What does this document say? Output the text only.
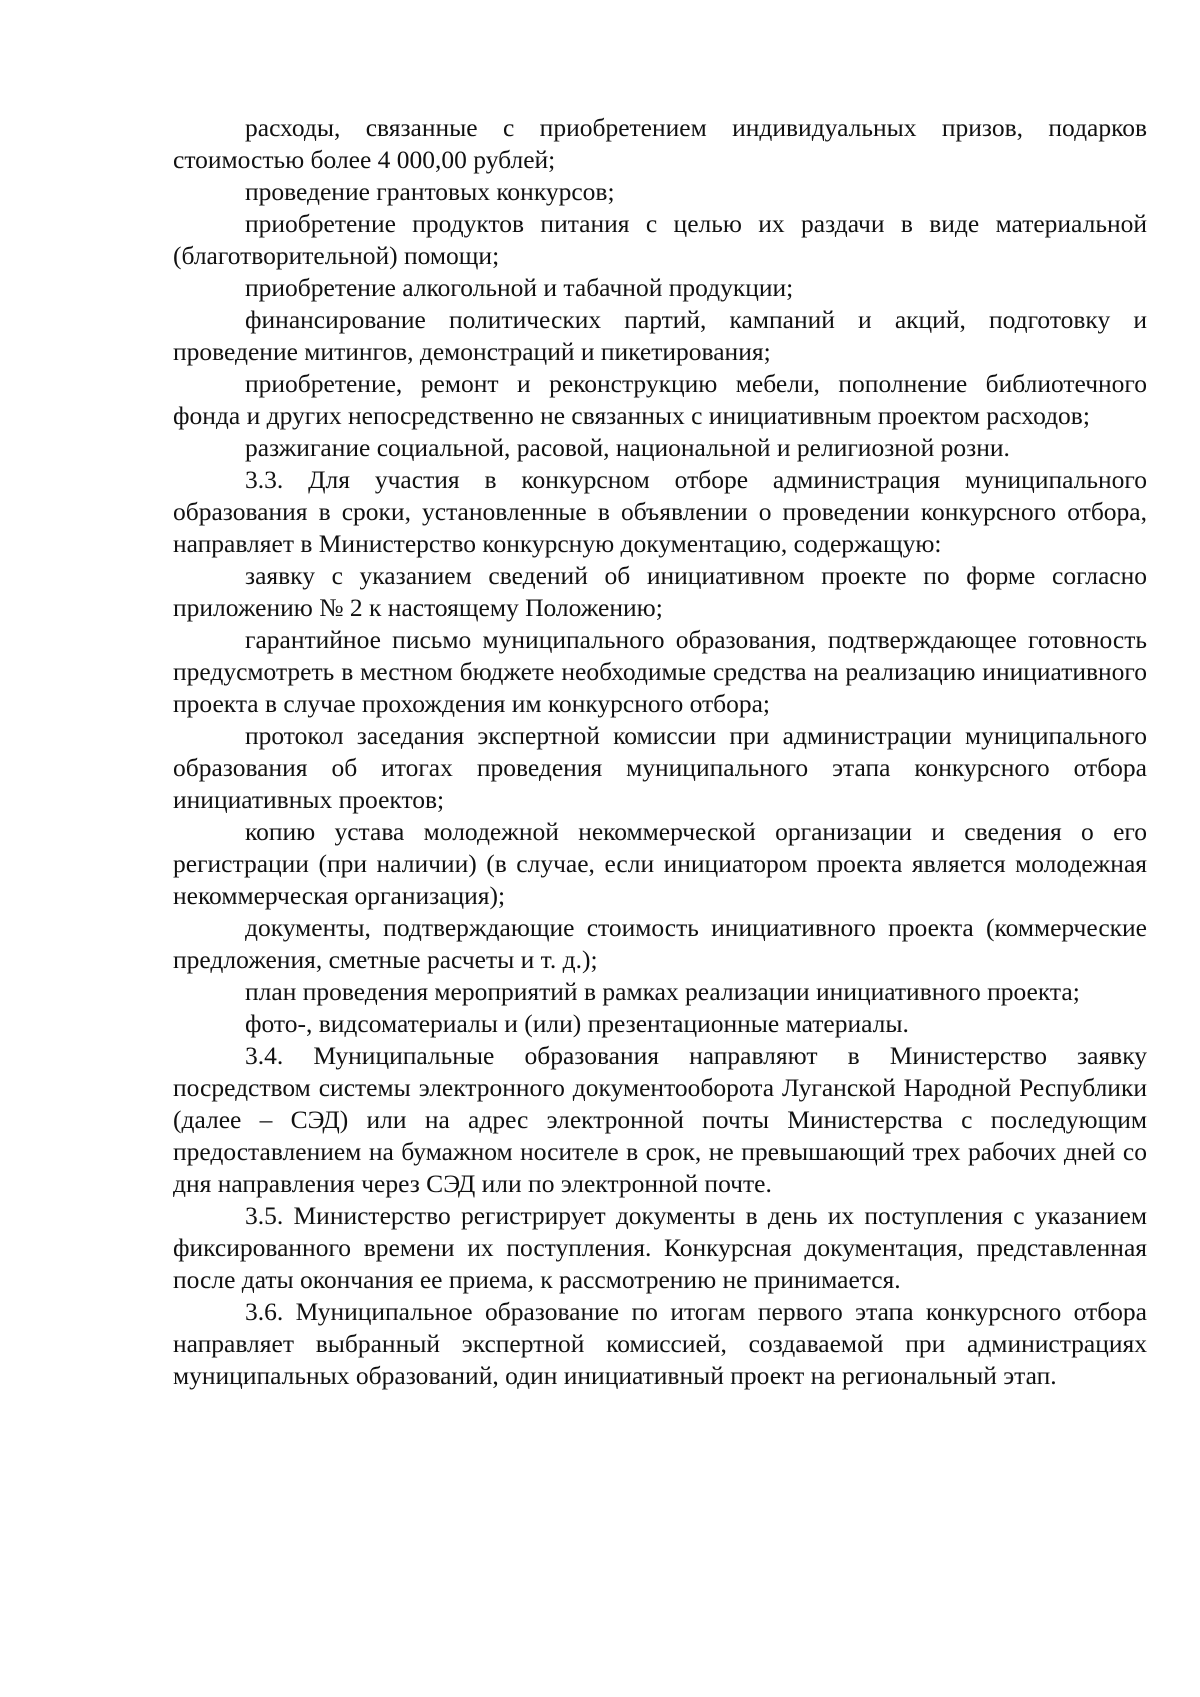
расходы, связанные с приобретением индивидуальных призов, подарков стоимостью более 4 000,00 рублей;

проведение грантовых конкурсов;

приобретение продуктов питания с целью их раздачи в виде материальной (благотворительной) помощи;

приобретение алкогольной и табачной продукции;

финансирование политических партий, кампаний и акций, подготовку и проведение митингов, демонстраций и пикетирования;

приобретение, ремонт и реконструкцию мебели, пополнение библиотечного фонда и других непосредственно не связанных с инициативным проектом расходов;

разжигание социальной, расовой, национальной и религиозной розни.

3.3. Для участия в конкурсном отборе администрация муниципального образования в сроки, установленные в объявлении о проведении конкурсного отбора, направляет в Министерство конкурсную документацию, содержащую:

заявку с указанием сведений об инициативном проекте по форме согласно приложению № 2 к настоящему Положению;

гарантийное письмо муниципального образования, подтверждающее готовность предусмотреть в местном бюджете необходимые средства на реализацию инициативного проекта в случае прохождения им конкурсного отбора;

протокол заседания экспертной комиссии при администрации муниципального образования об итогах проведения муниципального этапа конкурсного отбора инициативных проектов;

копию устава молодежной некоммерческой организации и сведения о его регистрации (при наличии) (в случае, если инициатором проекта является молодежная некоммерческая организация);

документы, подтверждающие стоимость инициативного проекта (коммерческие предложения, сметные расчеты и т. д.);

план проведения мероприятий в рамках реализации инициативного проекта;

фото-, видсоматериалы и (или) презентационные материалы.

3.4. Муниципальные образования направляют в Министерство заявку посредством системы электронного документооборота Луганской Народной Республики (далее – СЭД) или на адрес электронной почты Министерства с последующим предоставлением на бумажном носителе в срок, не превышающий трех рабочих дней со дня направления через СЭД или по электронной почте.

3.5. Министерство регистрирует документы в день их поступления с указанием фиксированного времени их поступления. Конкурсная документация, представленная после даты окончания ее приема, к рассмотрению не принимается.

3.6. Муниципальное образование по итогам первого этапа конкурсного отбора направляет выбранный экспертной комиссией, создаваемой при администрациях муниципальных образований, один инициативный проект на региональный этап.
